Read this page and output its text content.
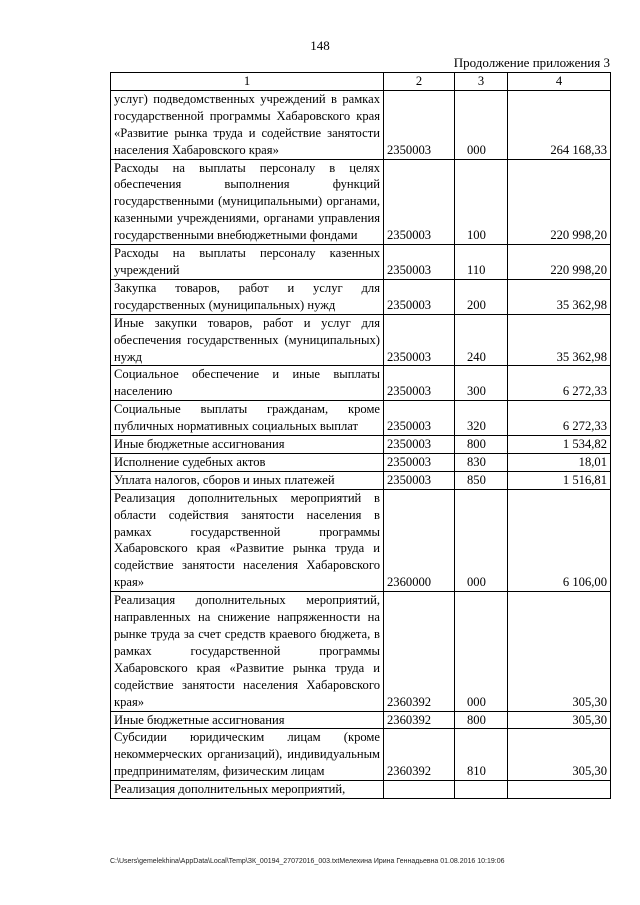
148
Продолжение приложения 3
1	2	3	4
услуг) подведомственных учреждений в рамках государственной программы Хабаровского края «Развитие рынка труда и содействие занятости населения Хабаровского края»	2350003	000	264 168,33
Расходы на выплаты персоналу в целях обеспечения выполнения функций государственными (муниципальными) органами, казенными учреждениями, органами управления государственными внебюджетными фондами	2350003	100	220 998,20
Расходы на выплаты персоналу казенных учреждений	2350003	110	220 998,20
Закупка товаров, работ и услуг для государственных (муниципальных) нужд	2350003	200	35 362,98
Иные закупки товаров, работ и услуг для обеспечения государственных (муниципальных) нужд	2350003	240	35 362,98
Социальное обеспечение и иные выплаты населению	2350003	300	6 272,33
Социальные выплаты гражданам, кроме публичных нормативных социальных выплат	2350003	320	6 272,33
Иные бюджетные ассигнования	2350003	800	1 534,82
Исполнение судебных актов	2350003	830	18,01
Уплата налогов, сборов и иных платежей	2350003	850	1 516,81
Реализация дополнительных мероприятий в области содействия занятости населения в рамках государственной программы Хабаровского края «Развитие рынка труда и содействие занятости населения Хабаровского края»	2360000	000	6 106,00
Реализация дополнительных мероприятий, направленных на снижение напряженности на рынке труда за счет средств краевого бюджета, в рамках государственной программы Хабаровского края «Развитие рынка труда и содействие занятости населения Хабаровского края»	2360392	000	305,30
Иные бюджетные ассигнования	2360392	800	305,30
Субсидии юридическим лицам (кроме некоммерческих организаций), индивидуальным предпринимателям, физическим лицам	2360392	810	305,30
Реализация дополнительных мероприятий,			
C:\Users\gemelekhina\AppData\Local\Temp\ЗК_00194_27072016_003.txtМелехина Ирина Геннадьевна 01.08.2016 10:19:06
